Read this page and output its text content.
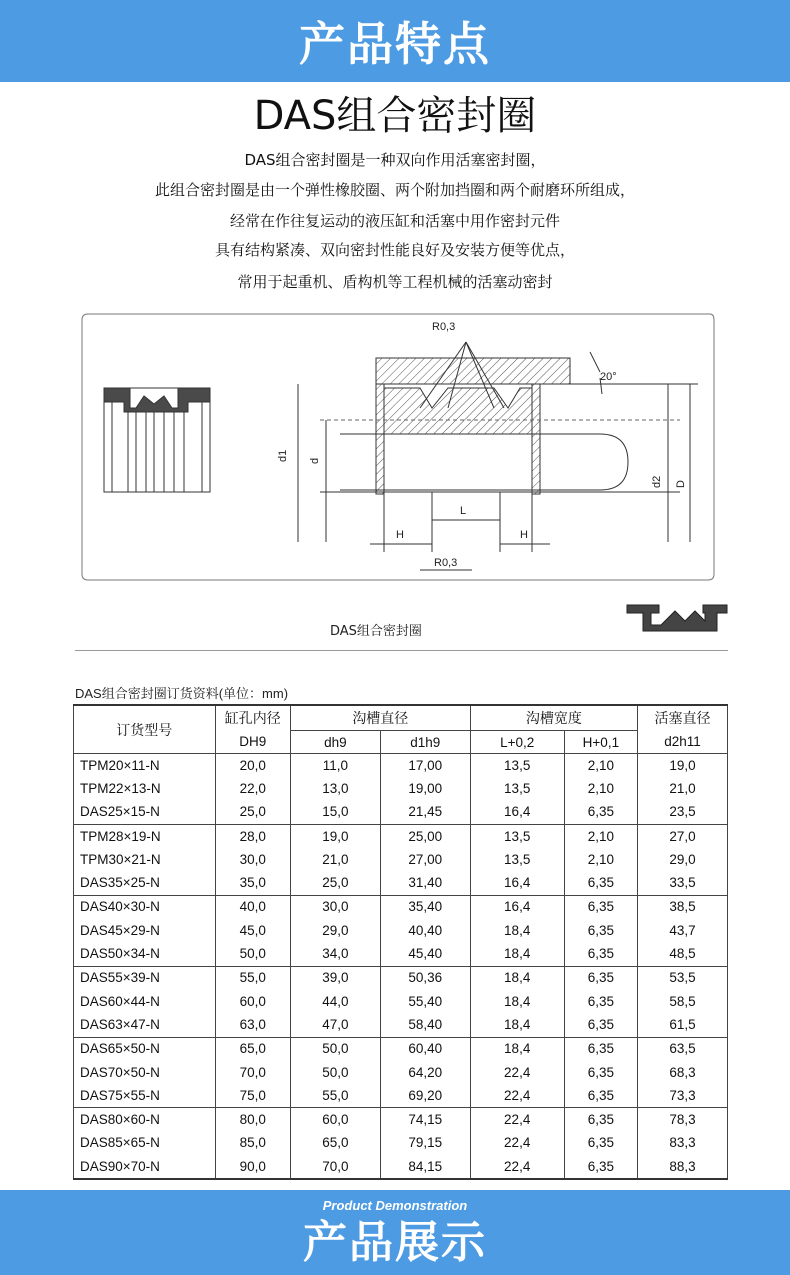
产品特点
DAS组合密封圈
DAS组合密封圈是一种双向作用活塞密封圈，
此组合密封圈是由一个弹性橡胶圈、两个附加挡圈和两个耐磨环所组成，
经常在作往复运动的液压缸和活塞中用作密封元件
具有结构紧凑、双向密封性能良好及安装方便等优点，
常用于起重机、盾构机等工程机械的活塞动密封
R0,3
20°
d1 d
d2 D
L
H	H
R0,3
DAS组合密封圈
DAS组合密封圈订货资料(单位：mm)
订货型号	缸孔内径	沟槽直径		沟槽宽度		活塞直径
	DH9	dh9	d1h9	L+0,2	H+0,1	d2h11
TPM20×11-N	20,0	11,0	17,00	13,5	2,10	19,0
TPM22×13-N	22,0	13,0	19,00	13,5	2,10	21,0
DAS25×15-N	25,0	15,0	21,45	16,4	6,35	23,5
TPM28×19-N	28,0	19,0	25,00	13,5	2,10	27,0
TPM30×21-N	30,0	21,0	27,00	13,5	2,10	29,0
DAS35×25-N	35,0	25,0	31,40	16,4	6,35	33,5
DAS40×30-N	40,0	30,0	35,40	16,4	6,35	38,5
DAS45×29-N	45,0	29,0	40,40	18,4	6,35	43,7
DAS50×34-N	50,0	34,0	45,40	18,4	6,35	48,5
DAS55×39-N	55,0	39,0	50,36	18,4	6,35	53,5
DAS60×44-N	60,0	44,0	55,40	18,4	6,35	58,5
DAS63×47-N	63,0	47,0	58,40	18,4	6,35	61,5
DAS65×50-N	65,0	50,0	60,40	18,4	6,35	63,5
DAS70×50-N	70,0	50,0	64,20	22,4	6,35	68,3
DAS75×55-N	75,0	55,0	69,20	22,4	6,35	73,3
DAS80×60-N	80,0	60,0	74,15	22,4	6,35	78,3
DAS85×65-N	85,0	65,0	79,15	22,4	6,35	83,3
DAS90×70-N	90,0	70,0	84,15	22,4	6,35	88,3
Product Demonstration
产品展示
